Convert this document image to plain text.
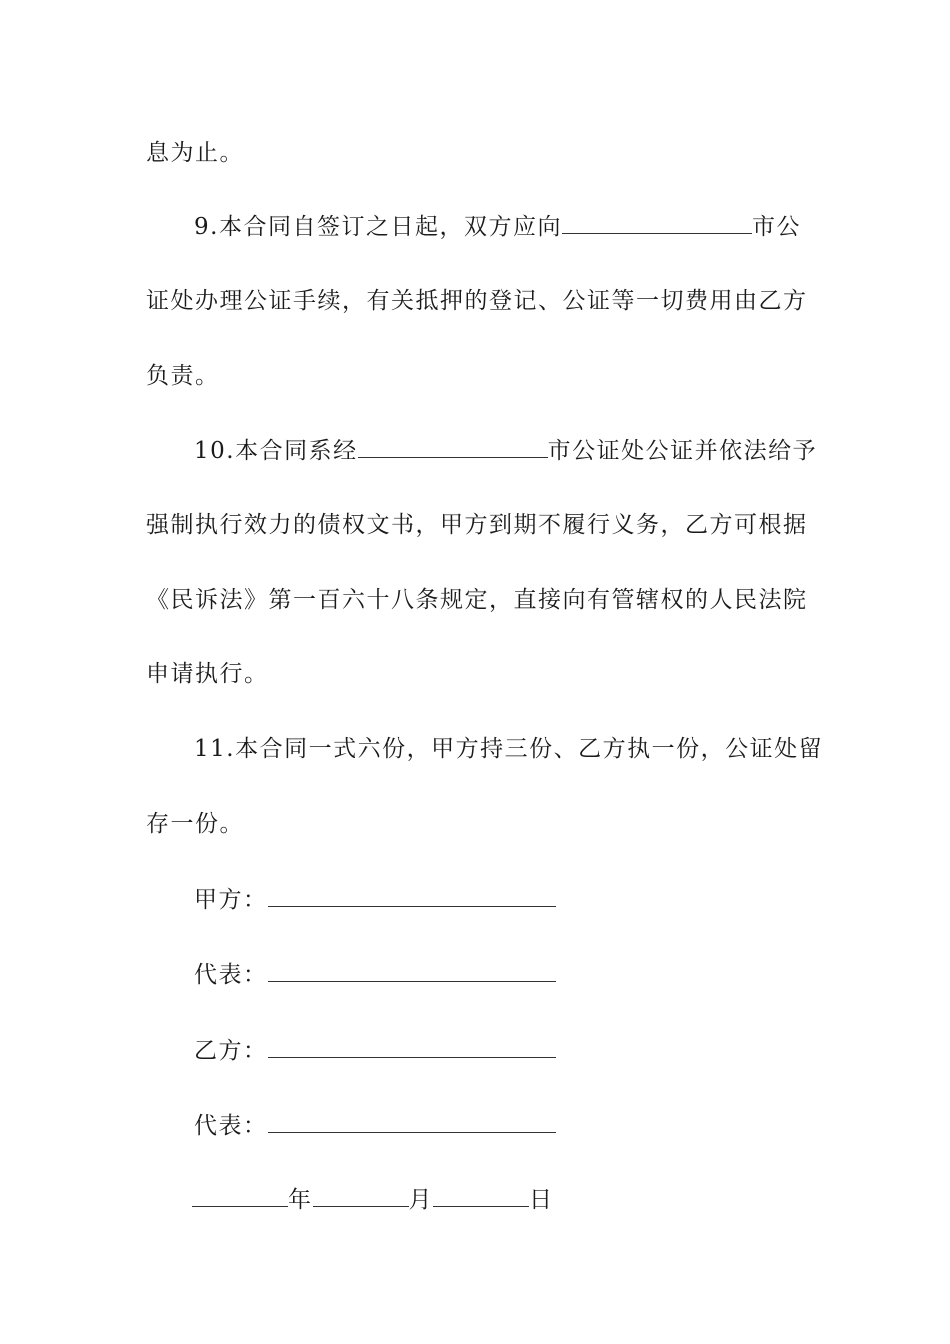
息为止。
9.本合同自签订之日起，双方应向	市公
证处办理公证手续，有关抵押的登记、公证等一切费用由乙方
负责。
10.本合同系经	市公证处公证并依法给予
强制执行效力的债权文书，甲方到期不履行义务，乙方可根据
《民诉法》第一百六十八条规定，直接向有管辖权的人民法院
申请执行。
11.本合同一式六份，甲方持三份、乙方执一份，公证处留
存一份。
甲方：
代表：
乙方：
代表：
年	月	日
